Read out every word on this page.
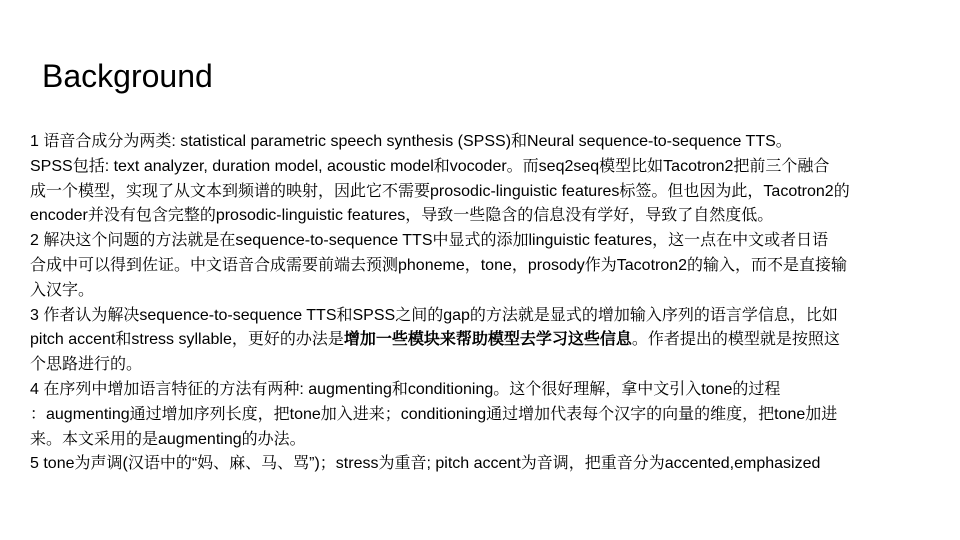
Background
1 语音合成分为两类: statistical parametric speech synthesis (SPSS)和Neural sequence-to-sequence TTS。
SPSS包括: text analyzer, duration model, acoustic model和vocoder。而seq2seq模型比如Tacotron2把前三个融合
成一个模型，实现了从文本到频谱的映射，因此它不需要prosodic-linguistic features标签。但也因为此，Tacotron2的
encoder并没有包含完整的prosodic-linguistic features，导致一些隐含的信息没有学好，导致了自然度低。
2 解决这个问题的方法就是在sequence-to-sequence TTS中显式的添加linguistic features，这一点在中文或者日语
合成中可以得到佐证。中文语音合成需要前端去预测phoneme，tone，prosody作为Tacotron2的输入，而不是直接输
入汉字。
3 作者认为解决sequence-to-sequence TTS和SPSS之间的gap的方法就是显式的增加输入序列的语言学信息，比如
pitch accent和stress syllable，更好的办法是增加一些模块来帮助模型去学习这些信息。作者提出的模型就是按照这
个思路进行的。
4 在序列中增加语言特征的方法有两种: augmenting和conditioning。这个很好理解，拿中文引入tone的过程
：augmenting通过增加序列长度，把tone加入进来；conditioning通过增加代表每个汉字的向量的维度，把tone加进
来。本文采用的是augmenting的办法。
5 tone为声调(汉语中的“妈、麻、马、骂”)；stress为重音; pitch accent为音调，把重音分为accented,emphasized
